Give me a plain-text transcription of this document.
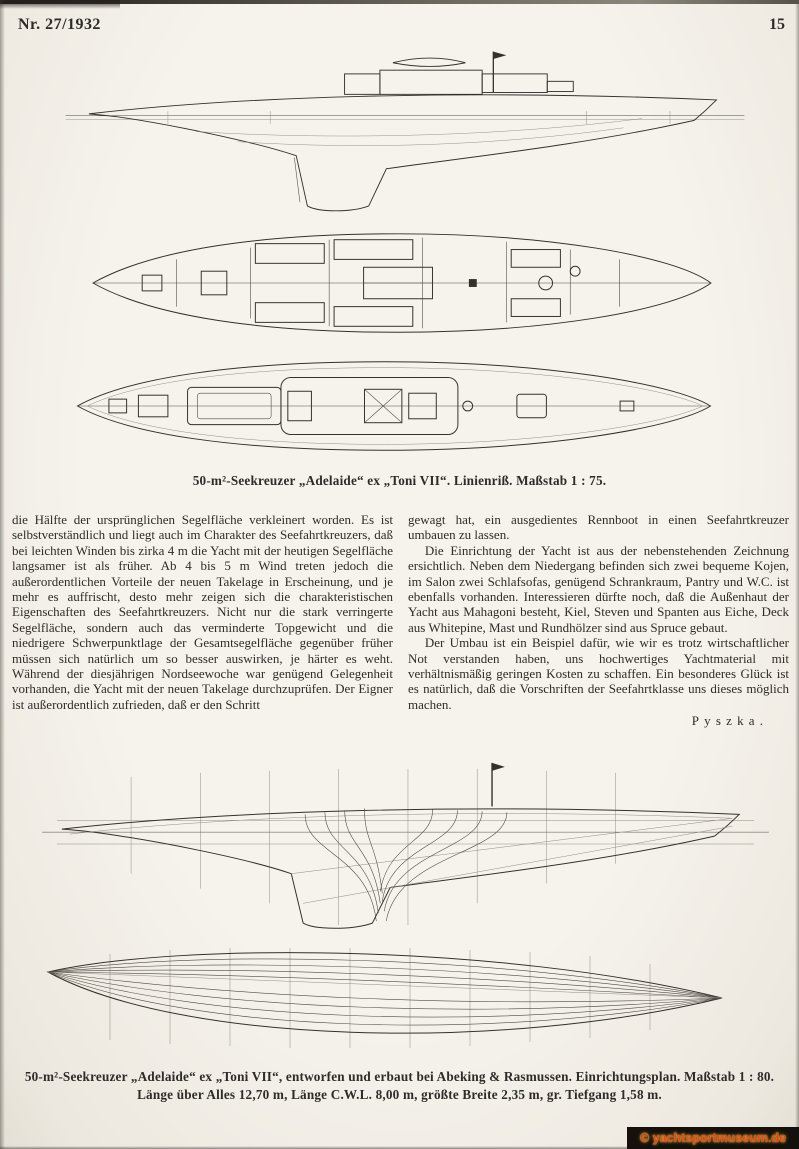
Nr. 27/1932	15
50-m²-Seekreuzer „Adelaide“ ex „Toni VII“. Linienriß. Maßstab 1 : 75.

die Hälfte der ursprünglichen Segelfläche verkleinert worden. Es ist selbstverständlich und liegt auch im Charakter des Seefahrtkreuzers, daß bei leichten Winden bis zirka 4 m die Yacht mit der heutigen Segelfläche langsamer ist als früher. Ab 4 bis 5 m Wind treten jedoch die außerordentlichen Vorteile der neuen Takelage in Erscheinung, und je mehr es auffrischt, desto mehr zeigen sich die charakteristischen Eigenschaften des Seefahrtkreuzers. Nicht nur die stark verringerte Segelfläche, sondern auch das verminderte Topgewicht und die niedrigere Schwerpunktlage der Gesamtsegelfläche gegenüber früher müssen sich natürlich um so besser auswirken, je härter es weht. Während der diesjährigen Nordseewoche war genügend Gelegenheit vorhanden, die Yacht mit der neuen Takelage durchzuprüfen. Der Eigner ist außerordentlich zufrieden, daß er den Schritt

gewagt hat, ein ausgedientes Rennboot in einen Seefahrtkreuzer umbauen zu lassen.

Die Einrichtung der Yacht ist aus der nebenstehenden Zeichnung ersichtlich. Neben dem Niedergang befinden sich zwei bequeme Kojen, im Salon zwei Schlafsofas, genügend Schrankraum, Pantry und W.C. ist ebenfalls vorhanden. Interessieren dürfte noch, daß die Außenhaut der Yacht aus Mahagoni besteht, Kiel, Steven und Spanten aus Eiche, Deck aus Whitepine, Mast und Rundhölzer sind aus Spruce gebaut.

Der Umbau ist ein Beispiel dafür, wie wir es trotz wirtschaftlicher Not verstanden haben, uns hochwertiges Yachtmaterial mit verhältnismäßig geringen Kosten zu schaffen. Ein besonderes Glück ist es natürlich, daß die Vorschriften der Seefahrtklasse uns dieses möglich machen.

Pyszka.

50-m²-Seekreuzer „Adelaide“ ex „Toni VII“, entworfen und erbaut bei Abeking & Rasmussen. Einrichtungsplan. Maßstab 1 : 80.
Länge über Alles 12,70 m, Länge C.W.L. 8,00 m, größte Breite 2,35 m, gr. Tiefgang 1,58 m.
© yachtsportmuseum.de
